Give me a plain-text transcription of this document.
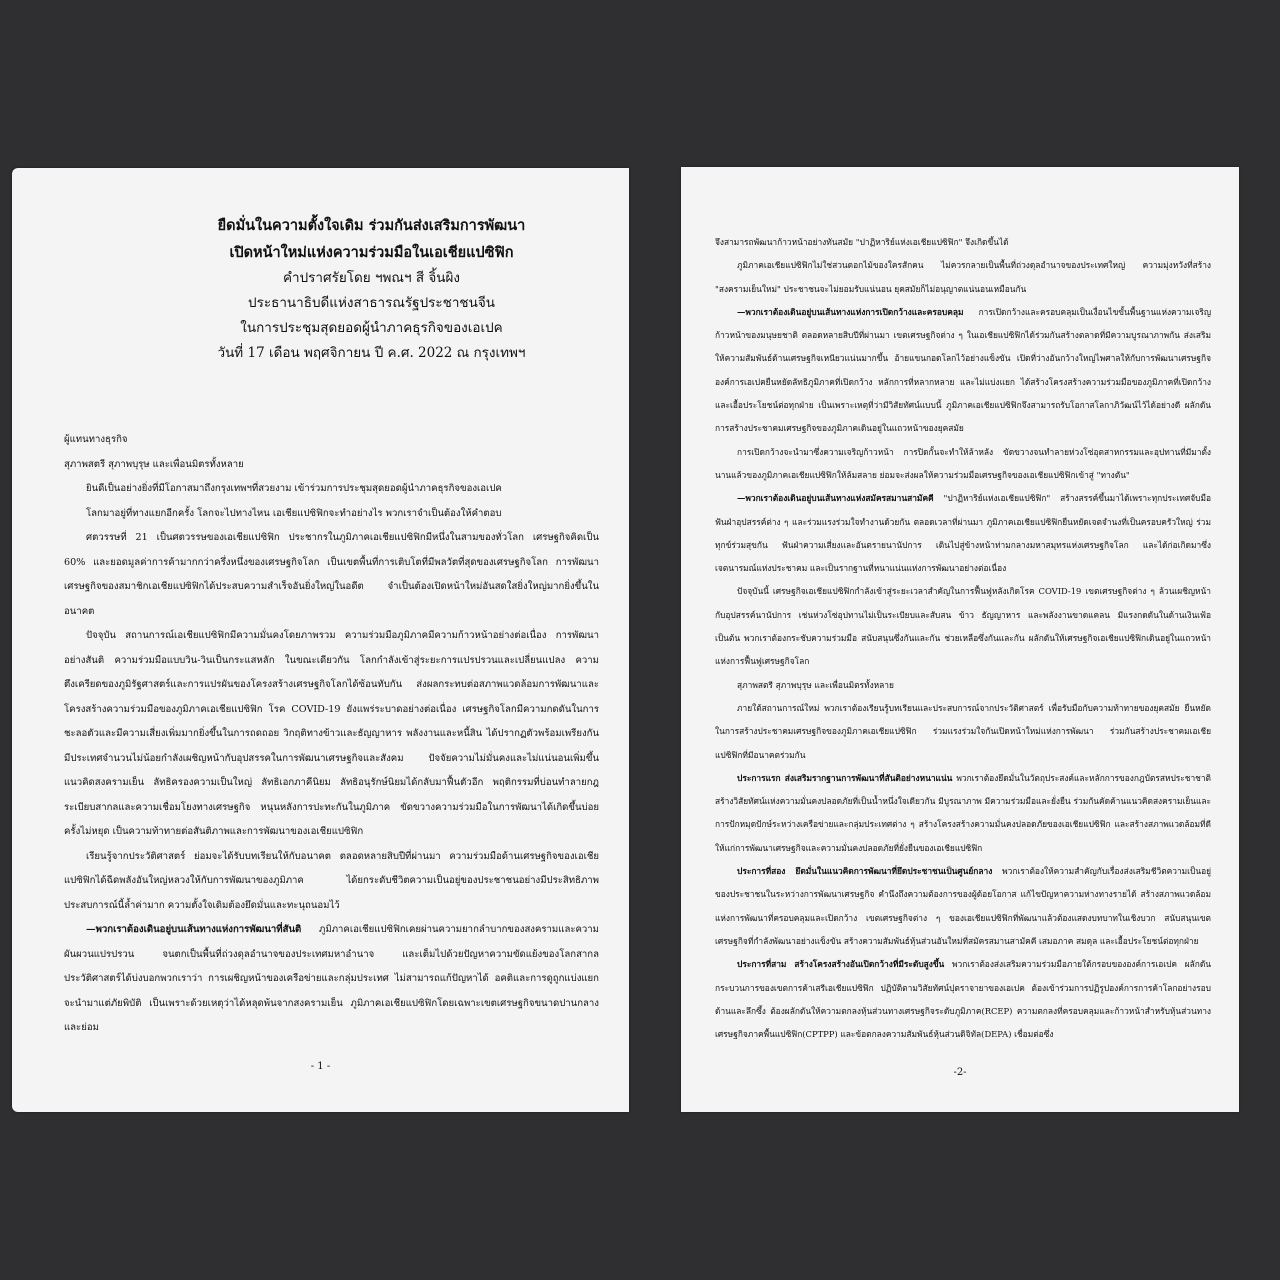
ยืดมั่นในความตั้งใจเดิม ร่วมกันส่งเสริมการพัฒนา
เปิดหน้าใหม่แห่งความร่วมมือในเอเชียแปซิฟิก
คำปราศรัยโดย ฯพณฯ สี จิ้นผิง
ประธานาธิบดีแห่งสาธารณรัฐประชาชนจีน
ในการประชุมสุดยอดผู้นำภาคธุรกิจของเอเปค
วันที่ 17 เดือน พฤศจิกายน ปี ค.ศ. 2022 ณ กรุงเทพฯ

ผู้แทนทางธุรกิจ

สุภาพสตรี สุภาพบุรุษ และเพื่อนมิตรทั้งหลาย

ยินดีเป็นอย่างยิ่งที่มีโอกาสมาถึงกรุงเทพฯที่สวยงาม เข้าร่วมการประชุมสุดยอดผู้นำภาคธุรกิจของเอเปค

โลกมาอยู่ที่ทางแยกอีกครั้ง โลกจะไปทางไหน เอเชียแปซิฟิกจะทำอย่างไร พวกเราจำเป็นต้องให้คำตอบ

ศตวรรษที่ 21 เป็นศตวรรษของเอเชียแปซิฟิก ประชากรในภูมิภาคเอเชียแปซิฟิกมีหนึ่งในสามของทั่วโลก เศรษฐกิจคิดเป็น 60% และยอดมูลค่าการค้ามากกว่าครึ่งหนึ่งของเศรษฐกิจโลก เป็นเขตพื้นที่การเติบโตที่มีพลวัตที่สุดของเศรษฐกิจโลก การพัฒนาเศรษฐกิจของสมาชิกเอเชียแปซิฟิกได้ประสบความสำเร็จอันยิ่งใหญ่ในอดีต จำเป็นต้องเปิดหน้าใหม่อันสดใสยิ่งใหญ่มากยิ่งขึ้นในอนาคต

ปัจจุบัน สถานการณ์เอเชียแปซิฟิกมีความมั่นคงโดยภาพรวม ความร่วมมือภูมิภาคมีความก้าวหน้าอย่างต่อเนื่อง การพัฒนาอย่างสันติ ความร่วมมือแบบวิน-วินเป็นกระแสหลัก ในขณะเดียวกัน โลกกำลังเข้าสู่ระยะการแปรปรวนและเปลี่ยนแปลง ความตึงเครียดของภูมิรัฐศาสตร์และการแปรผันของโครงสร้างเศรษฐกิจโลกได้ซ้อนทับกัน ส่งผลกระทบต่อสภาพแวดล้อมการพัฒนาและโครงสร้างความร่วมมือของภูมิภาคเอเชียแปซิฟิก โรค COVID-19 ยังแพร่ระบาดอย่างต่อเนื่อง เศรษฐกิจโลกมีความกดดันในการชะลอตัวและมีความเสี่ยงเพิ่มมากยิ่งขึ้นในการถดถอย วิกฤติทางข้าวและธัญญาหาร พลังงานและหนี้สิน ได้ปรากฏตัวพร้อมเพรียงกัน มีประเทศจำนวนไม่น้อยกำลังเผชิญหน้ากับอุปสรรคในการพัฒนาเศรษฐกิจและสังคม ปัจจัยความไม่มั่นคงและไม่แน่นอนเพิ่มขึ้น แนวคิดสงครามเย็น ลัทธิครองความเป็นใหญ่ ลัทธิเอกภาคีนิยม ลัทธิอนุรักษ์นิยมได้กลับมาฟื้นตัวอีก พฤติกรรมที่บ่อนทำลายกฎระเบียบสากลและความเชื่อมโยงทางเศรษฐกิจ หนุนหลังการปะทะกันในภูมิภาค ขัดขวางความร่วมมือในการพัฒนาได้เกิดขึ้นบ่อยครั้งไม่หยุด เป็นความท้าทายต่อสันติภาพและการพัฒนาของเอเชียแปซิฟิก

เรียนรู้จากประวัติศาสตร์ ย่อมจะได้รับบทเรียนให้กับอนาคต ตลอดหลายสิบปีที่ผ่านมา ความร่วมมือด้านเศรษฐกิจของเอเชียแปซิฟิกได้ฉีดพลังอันใหญ่หลวงให้กับการพัฒนาของภูมิภาค ได้ยกระดับชีวิตความเป็นอยู่ของประชาชนอย่างมีประสิทธิภาพ ประสบการณ์นี้ล้ำค่ามาก ความตั้งใจเดิมต้องยึดมั่นและทะนุถนอมไว้

—พวกเราต้องเดินอยู่บนเส้นทางแห่งการพัฒนาที่สันติ ภูมิภาคเอเชียแปซิฟิกเคยผ่านความยากลำบากของสงครามและความผันผวนแปรปรวน จนตกเป็นพื้นที่ถ่วงดุลอำนาจของประเทศมหาอำนาจ และเต็มไปด้วยปัญหาความขัดแย้งของโลกสากล ประวัติศาสตร์ได้บ่งบอกพวกเราว่า การเผชิญหน้าของเครือข่ายและกลุ่มประเทศ ไม่สามารถแก้ปัญหาได้ อคติและการดูถูกแบ่งแยกจะนำมาแต่ภัยพิบัติ เป็นเพราะด้วยเหตุว่าได้หลุดพ้นจากสงครามเย็น ภูมิภาคเอเชียแปซิฟิกโดยเฉพาะเขตเศรษฐกิจขนาดปานกลางและย่อม

- 1 -

จึงสามารถพัฒนาก้าวหน้าอย่างทันสมัย "ปาฏิหาริย์แห่งเอเชียแปซิฟิก" จึงเกิดขึ้นได้

ภูมิภาคเอเชียแปซิฟิกไม่ใช่สวนดอกไม้ของใครสักคน ไม่ควรกลายเป็นพื้นที่ถ่วงดุลอำนาจของประเทศใหญ่ ความมุ่งหวังที่สร้าง "สงครามเย็นใหม่" ประชาชนจะไม่ยอมรับแน่นอน ยุคสมัยก็ไม่อนุญาตแน่นอนเหมือนกัน

—พวกเราต้องเดินอยู่บนเส้นทางแห่งการเปิดกว้างและครอบคลุม การเปิดกว้างและครอบคลุมเป็นเงื่อนไขขั้นพื้นฐานแห่งความเจริญก้าวหน้าของมนุษยชาติ ตลอดหลายสิบปีที่ผ่านมา เขตเศรษฐกิจต่าง ๆ ในเอเชียแปซิฟิกได้ร่วมกันสร้างตลาดที่มีความบูรณาภาพกัน ส่งเสริมให้ความสัมพันธ์ด้านเศรษฐกิจเหนียวแน่นมากขึ้น อ้ายแขนกอดโลกไว้อย่างแข็งขัน เปิดที่ว่างอันกว้างใหญ่ไพศาลให้กับการพัฒนาเศรษฐกิจ องค์การเอเปคยืนหยัดลัทธิภูมิภาคที่เปิดกว้าง หลักการที่หลากหลาย และไม่แบ่งแยก ได้สร้างโครงสร้างความร่วมมือของภูมิภาคที่เปิดกว้างและเอื้อประโยชน์ต่อทุกฝ่าย เป็นเพราะเหตุที่ว่ามีวิสัยทัศน์แบบนี้ ภูมิภาคเอเชียแปซิฟิกจึงสามารถรับโอกาสโลกาภิวัฒน์ไว้ได้อย่างดี ผลักดันการสร้างประชาคมเศรษฐกิจของภูมิภาคเดินอยู่ในแถวหน้าของยุคสมัย

การเปิดกว้างจะนำมาซึ่งความเจริญก้าวหน้า การปิดกั้นจะทำให้ล้าหลัง ขัดขวางจนทำลายห่วงโซ่อุตสาหกรรมและอุปทานที่มีมาตั้งนานแล้วของภูมิภาคเอเชียแปซิฟิกให้ล้มสลาย ย่อมจะส่งผลให้ความร่วมมือเศรษฐกิจของเอเชียแปซิฟิกเข้าสู่ "ทางตัน"

—พวกเราต้องเดินอยู่บนเส้นทางแห่งสมัครสมานสามัคคี "ปาฏิหาริย์แห่งเอเชียแปซิฟิก" สร้างสรรค์ขึ้นมาได้เพราะทุกประเทศจับมือฟันฝ่าอุปสรรค์ต่าง ๆ และร่วมแรงร่วมใจทำงานด้วยกัน ตลอดเวลาที่ผ่านมา ภูมิภาคเอเชียแปซิฟิกยืนหยัดเจตจำนงที่เป็นครอบครัวใหญ่ ร่วมทุกข์ร่วมสุขกัน ฟันฝ่าความเสี่ยงและอันตรายนานัปการ เดินไปสู่ข้างหน้าท่ามกลางมหาสมุทรแห่งเศรษฐกิจโลก และได้ก่อเกิดมาซึ่งเจตนารมณ์แห่งประชาคม และเป็นรากฐานที่หนาแน่นแห่งการพัฒนาอย่างต่อเนื่อง

ปัจจุบันนี้ เศรษฐกิจเอเชียแปซิฟิกกำลังเข้าสู่ระยะเวลาสำคัญในการฟื้นฟูหลังเกิดโรค COVID-19 เขตเศรษฐกิจต่าง ๆ ล้วนเผชิญหน้ากับอุปสรรค์นานัปการ เช่นห่วงโซ่อุปทานไม่เป็นระเบียบและสับสน ข้าว ธัญญาหาร และพลังงานขาดแคลน มีแรงกดดันในด้านเงินเฟ้อ เป็นต้น พวกเราต้องกระชับความร่วมมือ สนับสนุนซึ่งกันและกัน ช่วยเหลือซึ่งกันและกัน ผลักดันให้เศรษฐกิจเอเชียแปซิฟิกเดินอยู่ในแถวหน้าแห่งการฟื้นฟูเศรษฐกิจโลก

สุภาพสตรี สุภาพบุรุษ และเพื่อนมิตรทั้งหลาย

ภายใต้สถานการณ์ใหม่ พวกเราต้องเรียนรู้บทเรียนและประสบการณ์จากประวัติศาสตร์ เพื่อรับมือกับความท้าทายของยุคสมัย ยืนหยัดในการสร้างประชาคมเศรษฐกิจของภูมิภาคเอเชียแปซิฟิก ร่วมแรงร่วมใจกันเปิดหน้าใหม่แห่งการพัฒนา ร่วมกันสร้างประชาคมเอเชียแปซิฟิกที่มีอนาคตร่วมกัน

ประการแรก ส่งเสริมรากฐานการพัฒนาที่สันติอย่างหนาแน่น พวกเราต้องยึดมั่นในวัตถุประสงค์และหลักการของกฎบัตรสหประชาชาติ สร้างวิสัยทัศน์แห่งความมั่นคงปลอดภัยที่เป็นน้ำหนึ่งใจเดียวกัน มีบูรณาภาพ มีความร่วมมือและยั่งยืน ร่วมกันคัดค้านแนวคิดสงครามเย็นและการปักหมุดปักษ์ระหว่างเครือข่ายและกลุ่มประเทศต่าง ๆ สร้างโครงสร้างความมั่นคงปลอดภัยของเอเชียแปซิฟิก และสร้างสภาพแวดล้อมที่ดีให้แก่การพัฒนาเศรษฐกิจและความมั่นคงปลอดภัยที่ยั่งยืนของเอเชียแปซิฟิก

ประการที่สอง ยึดมั่นในแนวคิดการพัฒนาที่ยึดประชาชนเป็นศูนย์กลาง พวกเราต้องให้ความสำคัญกับเรื่องส่งเสริมชีวิตความเป็นอยู่ของประชาชนในระหว่างการพัฒนาเศรษฐกิจ คำนึงถึงความต้องการของผู้ด้อยโอกาส แก้ไขปัญหาความห่างทางรายได้ สร้างสภาพแวดล้อมแห่งการพัฒนาที่ครอบคลุมและเปิดกว้าง เขตเศรษฐกิจต่าง ๆ ของเอเชียแปซิฟิกที่พัฒนาแล้วต้องแสดงบทบาทในเชิงบวก สนับสนุนเขตเศรษฐกิจที่กำลังพัฒนาอย่างแข็งขัน สร้างความสัมพันธ์หุ้นส่วนอันใหม่ที่สมัครสมานสามัคคี เสมอภาค สมดุล และเอื้อประโยชน์ต่อทุกฝ่าย

ประการที่สาม สร้างโครงสร้างอันเปิดกว้างที่มีระดับสูงขึ้น พวกเราต้องส่งเสริมความร่วมมือภายใต้กรอบขององค์การเอเปค ผลักดันกระบวนการของเขตการค้าเสรีเอเชียแปซิฟิก ปฏิบัติตามวิสัยทัศน์ปุตราจายาของเอเปค ต้องเข้าร่วมการปฏิรูปองค์การการค้าโลกอย่างรอบด้านและลึกซึ้ง ต้องผลักดันให้ความตกลงหุ้นส่วนทางเศรษฐกิจระดับภูมิภาค(RCEP) ความตกลงที่ครอบคลุมและก้าวหน้าสำหรับหุ้นส่วนทางเศรษฐกิจภาคพื้นแปซิฟิก(CPTPP) และข้อตกลงความสัมพันธ์หุ้นส่วนดิจิทัล(DEPA) เชื่อมต่อซึ่ง

-2-
